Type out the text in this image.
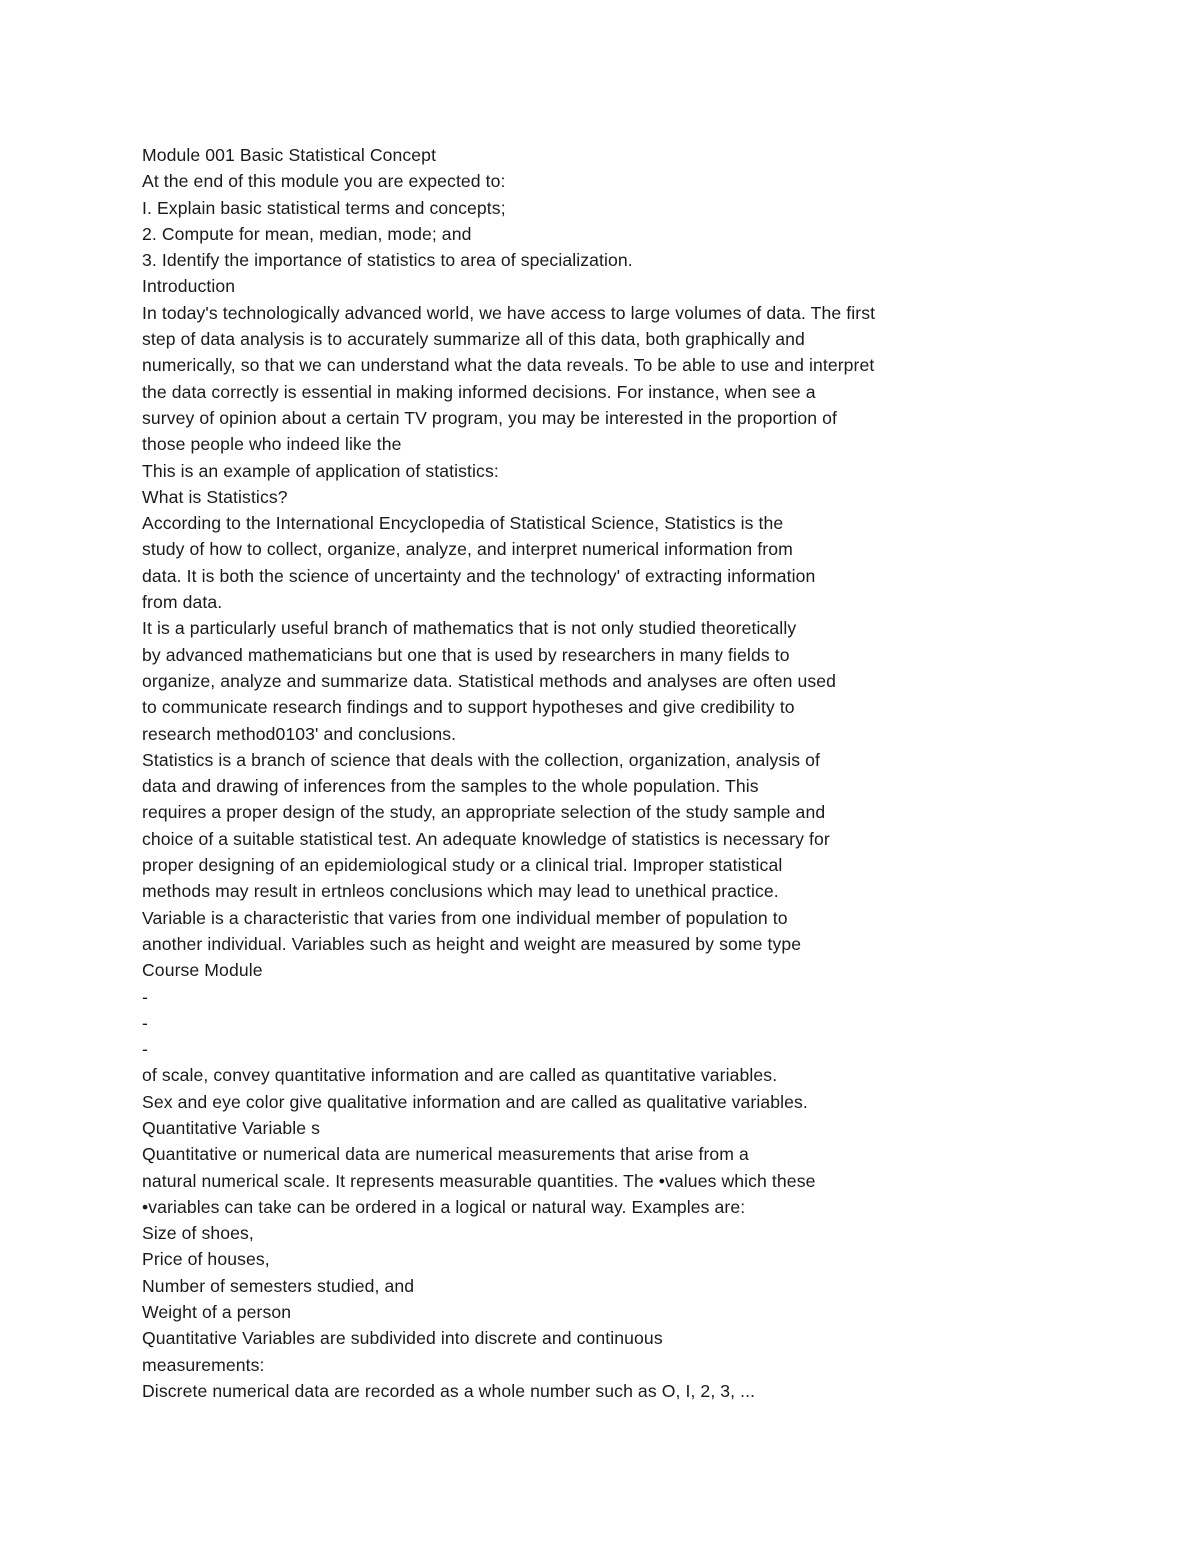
Module 001 Basic Statistical Concept
At the end of this module you are expected to:
I. Explain basic statistical terms and concepts;
2. Compute for mean, median, mode; and
3. Identify the importance of statistics to area of specialization.
Introduction
In today's technologically advanced world, we have access to large volumes of data. The first
step of data analysis is to accurately summarize all of this data, both graphically and
numerically, so that we can understand what the data reveals. To be able to use and interpret
the data correctly is essential in making informed decisions. For instance, when see a
survey of opinion about a certain TV program, you may be interested in the proportion of
those people who indeed like the
This is an example of application of statistics:
What is Statistics?
According to the International Encyclopedia of Statistical Science, Statistics is the
study of how to collect, organize, analyze, and interpret numerical information from
data. It is both the science of uncertainty and the technology' of extracting information
from data.
It is a particularly useful branch of mathematics that is not only studied theoretically
by advanced mathematicians but one that is used by researchers in many fields to
organize, analyze and summarize data. Statistical methods and analyses are often used
to communicate research findings and to support hypotheses and give credibility to
research method0103' and conclusions.
Statistics is a branch of science that deals with the collection, organization, analysis of
data and drawing of inferences from the samples to the whole population. This
requires a proper design of the study, an appropriate selection of the study sample and
choice of a suitable statistical test. An adequate knowledge of statistics is necessary for
proper designing of an epidemiological study or a clinical trial. Improper statistical
methods may result in ertnleos conclusions which may lead to unethical practice.
Variable is a characteristic that varies from one individual member of population to
another individual. Variables such as height and weight are measured by some type
Course Module
-
-
-
of scale, convey quantitative information and are called as quantitative variables.
Sex and eye color give qualitative information and are called as qualitative variables.
Quantitative Variable s
Quantitative or numerical data are numerical measurements that arise from a
natural numerical scale. It represents measurable quantities. The •values which these
•variables can take can be ordered in a logical or natural way. Examples are:
Size of shoes,
Price of houses,
Number of semesters studied, and
Weight of a person
Quantitative Variables are subdivided into discrete and continuous
measurements:
Discrete numerical data are recorded as a whole number such as O, I, 2, 3, ...
